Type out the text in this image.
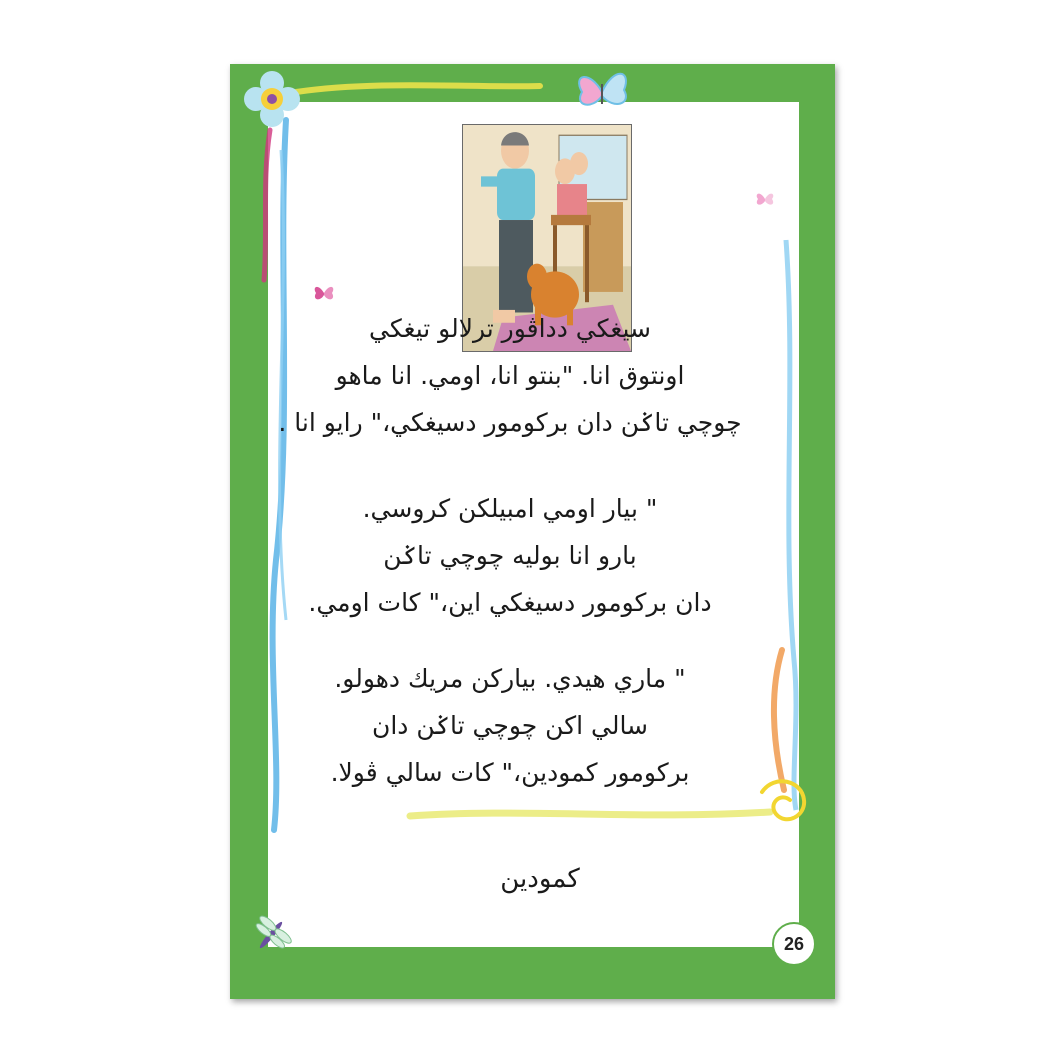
سيغکي دداڤور ترلالو تيغکي
اونتوق انا. "بنتو انا، اومي. انا ماهو
چوچي تاݢن دان برکومور دسيغکي،" رايو انا .
" بيار اومي امبيلکن کروسي.
بارو انا بوليه چوچي تاݢن
دان برکومور دسيغکي اين،" کات اومي.
" ماري هيدي. بيارکن مريك دهولو.
سالي اکن چوچي تاݢن دان
برکومور کمودين،" کات سالي ڤولا.
کمودين
26
